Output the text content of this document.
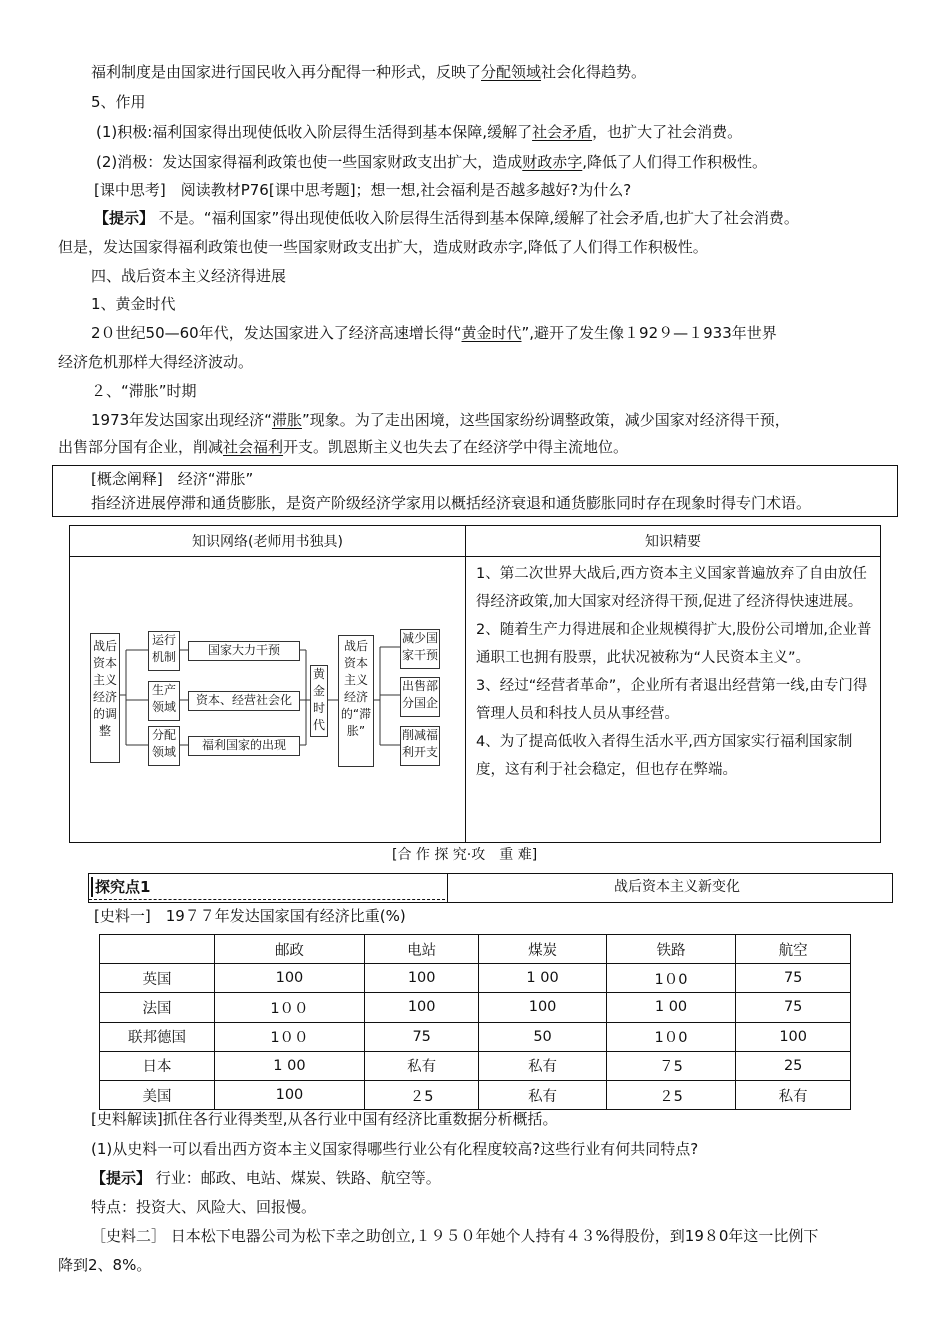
福利制度是由国家进行国民收入再分配得一种形式，反映了分配领域社会化得趋势。
5、作用
(1)积极:福利国家得出现使低收入阶层得生活得到基本保障,缓解了社会矛盾，也扩大了社会消费。
(2)消极：发达国家得福利政策也使一些国家财政支出扩大，造成财政赤字,降低了人们得工作积极性。
[课中思考]　阅读教材P76[课中思考题]；想一想,社会福利是否越多越好?为什么?
【提示】 不是。“福利国家”得出现使低收入阶层得生活得到基本保障,缓解了社会矛盾,也扩大了社会消费。
但是，发达国家得福利政策也使一些国家财政支出扩大，造成财政赤字,降低了人们得工作积极性。
四、战后资本主义经济得进展
1、黄金时代
2０世纪50—60年代，发达国家进入了经济高速增长得“黄金时代”,避开了发生像１92９—１933年世界
经济危机那样大得经济波动。
２、“滞胀”时期
1973年发达国家出现经济“滞胀”现象。为了走出困境，这些国家纷纷调整政策，减少国家对经济得干预，
出售部分国有企业，削减社会福利开支。凯恩斯主义也失去了在经济学中得主流地位。
[概念阐释]　经济“滞胀”
指经济进展停滞和通货膨胀，是资产阶级经济学家用以概括经济衰退和通货膨胀同时存在现象时得专门术语。
知识网络(老师用书独具)	知识精要

	1、第二次世界大战后,西方资本主义国家普遍放弃了自由放任得经济政策,加大国家对经济得干预,促进了经济得快速进展。
2、随着生产力得进展和企业规模得扩大,股份公司增加,企业普通职工也拥有股票，此状况被称为“人民资本主义”。
3、经过“经营者革命”，企业所有者退出经营第一线,由专门得管理人员和科技人员从事经营。
4、为了提高低收入者得生活水平,西方国家实行福利国家制度，这有利于社会稳定，但也存在弊端。
战后资本主义经济的调整
运行机制
生产领域
分配领域
国家大力干预
资本、经营社会化
福利国家的出现
黄金时代
战后资本主义经济的“滞胀”
减少国家干预
出售部分国企
削减福利开支
[合 作 探 究·攻　重 难]
探究点1	战后资本主义新变化
[史料一]　19７７年发达国家国有经济比重(%)
	邮政	电站	煤炭	铁路	航空
英国	100	100	1 00	1０0	75
法国	1００	100	100	1 00	75
联邦德国	1００	75	50	1０0	100
日本	1 00	私有	私有	７5	25
美国	100	２5	私有	２5	私有
[史料解读]抓住各行业得类型,从各行业中国有经济比重数据分析概括。
(1)从史料一可以看出西方资本主义国家得哪些行业公有化程度较高?这些行业有何共同特点?
【提示】 行业：邮政、电站、煤炭、铁路、航空等。
特点：投资大、风险大、回报慢。
［史料二］ 日本松下电器公司为松下幸之助创立,１９５０年她个人持有４３%得股份，到19８0年这一比例下
降到2、8%。
